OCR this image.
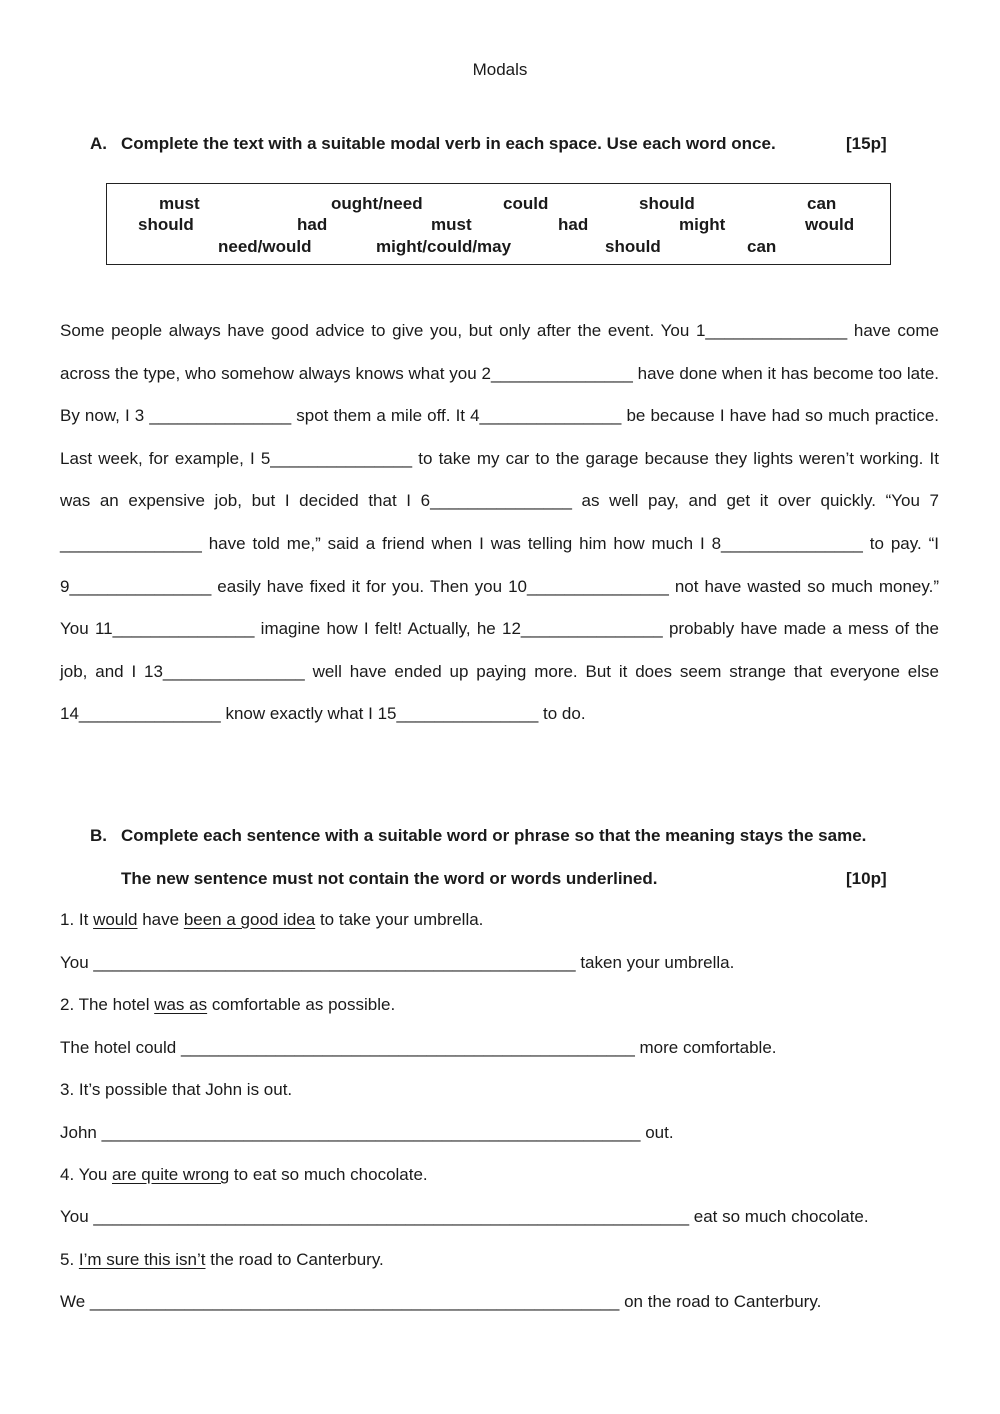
Modals
A. Complete the text with a suitable modal verb in each space. Use each word once.	[15p]
must	ought/need	could	should	can
should	had	must	had	might	would
need/would	might/could/may	should	can
Some people always have good advice to give you, but only after the event. You 1_______________ have come across the type, who somehow always knows what you 2_______________ have done when it has become too late. By now, I 3 _______________ spot them a mile off. It 4_______________ be because I have had so much practice. Last week, for example, I 5_______________ to take my car to the garage because they lights weren’t working. It was an expensive job, but I decided that I 6_______________ as well pay, and get it over quickly. “You 7 _______________ have told me,” said a friend when I was telling him how much I 8_______________ to pay. “I 9_______________ easily have fixed it for you. Then you 10_______________ not have wasted so much money.” You 11_______________ imagine how I felt! Actually, he 12_______________ probably have made a mess of the job, and I 13_______________ well have ended up paying more. But it does seem strange that everyone else 14_______________ know exactly what I 15_______________ to do.
B. Complete each sentence with a suitable word or phrase so that the meaning stays the same.
The new sentence must not contain the word or words underlined.	[10p]
1. It would have been a good idea to take your umbrella.
You ___________________________________________________ taken your umbrella.
2. The hotel was as comfortable as possible.
The hotel could ________________________________________________ more comfortable.
3. It’s possible that John is out.
John _________________________________________________________ out.
4. You are quite wrong to eat so much chocolate.
You _______________________________________________________________ eat so much chocolate.
5. I’m sure this isn’t the road to Canterbury.
We ________________________________________________________ on the road to Canterbury.
